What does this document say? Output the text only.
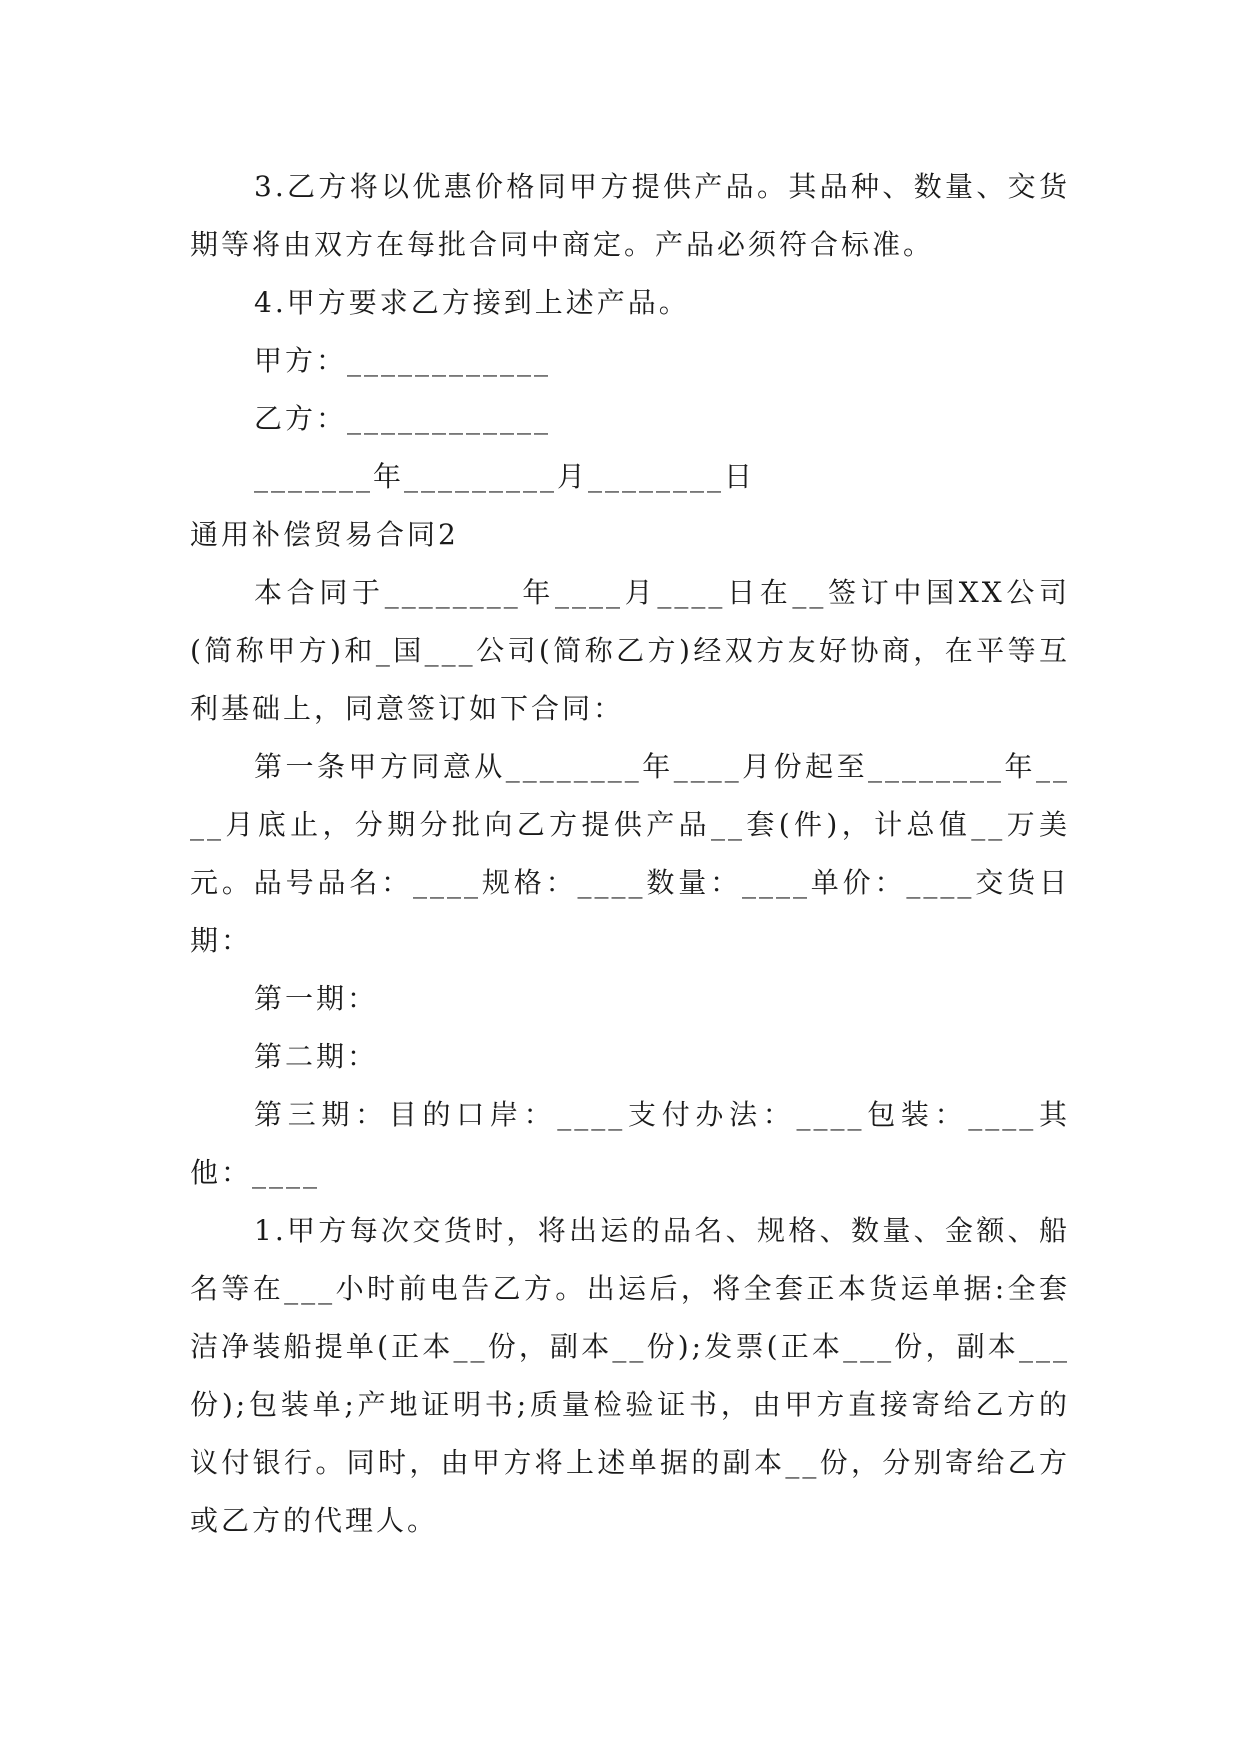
3.乙方将以优惠价格同甲方提供产品。其品种、数量、交货期等将由双方在每批合同中商定。产品必须符合标准。

4.甲方要求乙方接到上述产品。

甲方：____________

乙方：____________

_______年_________月________日

通用补偿贸易合同2

本合同于________年____月____日在__签订中国XX公司(简称甲方)和_国___公司(简称乙方)经双方友好协商，在平等互利基础上，同意签订如下合同：

第一条甲方同意从________年____月份起至________年____月底止，分期分批向乙方提供产品__套(件)，计总值__万美元。品号品名：____规格：____数量：____单价：____交货日期：

第一期：

第二期：

第三期：目的口岸：____支付办法：____包装：____其他：____

1.甲方每次交货时，将出运的品名、规格、数量、金额、船名等在___小时前电告乙方。出运后，将全套正本货运单据:全套洁净装船提单(正本__份，副本__份);发票(正本___份，副本___份);包装单;产地证明书;质量检验证书，由甲方直接寄给乙方的议付银行。同时，由甲方将上述单据的副本__份，分别寄给乙方或乙方的代理人。
